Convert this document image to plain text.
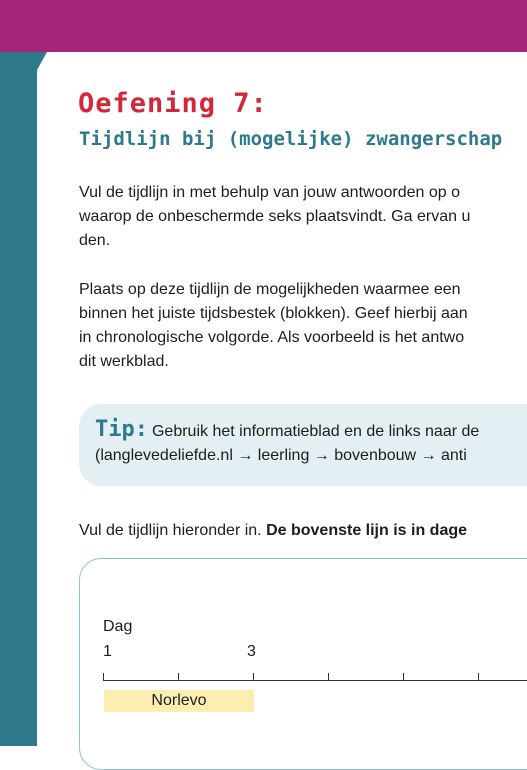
Oefening 7:
Tijdlijn bij (mogelijke) zwangerschap

Vul de tijdlijn in met behulp van jouw antwoorden op o
waarop de onbeschermde seks plaatsvindt. Ga ervan u
den.

Plaats op deze tijdlijn de mogelijkheden waarmee een
binnen het juiste tijdsbestek (blokken). Geef hierbij aan
in chronologische volgorde. Als voorbeeld is het antwo
dit werkblad.

Tip: Gebruik het informatieblad en de links naar de
(langlevedeliefde.nl → leerling → bovenbouw → anti

Vul de tijdlijn hieronder in. De bovenste lijn is in dage

Dag
1	3
Norlevo
